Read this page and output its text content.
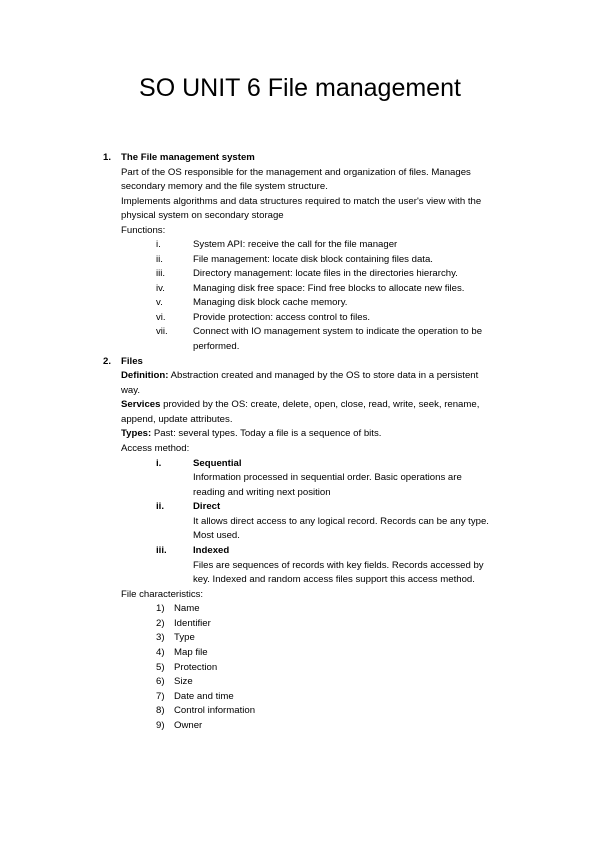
SO UNIT 6 File management
1. The File management system
Part of the OS responsible for the management and organization of files. Manages
secondary memory and the file system structure.
Implements algorithms and data structures required to match the user's view with the
physical system on secondary storage
Functions:
i.	System API: receive the call for the file manager
ii.	File management: locate disk block containing files data.
iii.	Directory management: locate files in the directories hierarchy.
iv.	Managing disk free space: Find free blocks to allocate new files.
v.	Managing disk block cache memory.
vi.	Provide protection: access control to files.
vii.	Connect with IO management system to indicate the operation to be
performed.
2. Files
Definition: Abstraction created and managed by the OS to store data in a persistent
way.
Services provided by the OS: create, delete, open, close, read, write, seek, rename,
append, update attributes.
Types: Past: several types. Today a file is a sequence of bits.
Access method:
i.	Sequential
Information processed in sequential order. Basic operations are
reading and writing next position
ii.	Direct
It allows direct access to any logical record. Records can be any type.
Most used.
iii.	Indexed
Files are sequences of records with key fields. Records accessed by
key. Indexed and random access files support this access method.
File characteristics:
1) Name
2) Identifier
3) Type
4) Map file
5) Protection
6) Size
7) Date and time
8) Control information
9) Owner
